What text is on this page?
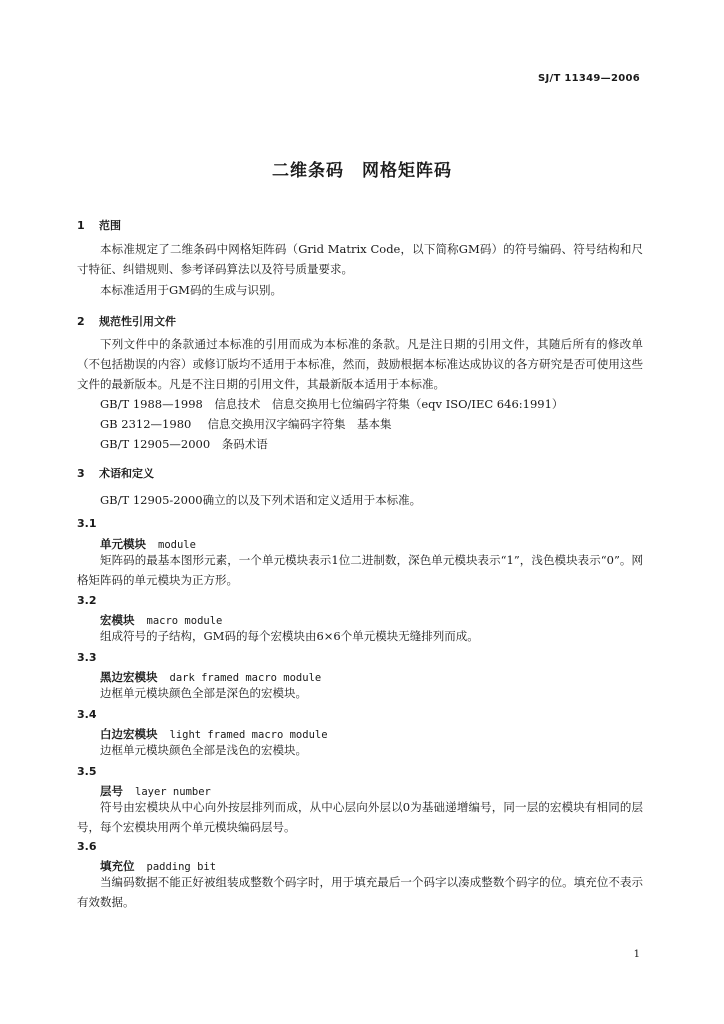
SJ/T 11349—2006
二维条码 网格矩阵码
1 范围
本标准规定了二维条码中网格矩阵码（Grid Matrix Code，以下简称GM码）的符号编码、符号结构和尺寸特征、纠错规则、参考译码算法以及符号质量要求。
本标准适用于GM码的生成与识别。
2 规范性引用文件
下列文件中的条款通过本标准的引用而成为本标准的条款。凡是注日期的引用文件，其随后所有的修改单（不包括勘误的内容）或修订版均不适用于本标准，然而，鼓励根据本标准达成协议的各方研究是否可使用这些文件的最新版本。凡是不注日期的引用文件，其最新版本适用于本标准。
GB/T 1988—1998　 信息技术　信息交换用七位编码字符集（eqv ISO/IEC 646:1991）
GB 2312—1980　 信息交换用汉字编码字符集　基本集
GB/T 12905—2000　 条码术语
3 术语和定义
GB/T 12905-2000确立的以及下列术语和定义适用于本标准。
3.1
单元模块 module
矩阵码的最基本图形元素，一个单元模块表示1位二进制数，深色单元模块表示“1”，浅色模块表示“0”。网格矩阵码的单元模块为正方形。
3.2
宏模块 macro module
组成符号的子结构，GM码的每个宏模块由6×6个单元模块无缝排列而成。
3.3
黑边宏模块 dark framed macro module
边框单元模块颜色全部是深色的宏模块。
3.4
白边宏模块 light framed macro module
边框单元模块颜色全部是浅色的宏模块。
3.5
层号 layer number
符号由宏模块从中心向外按层排列而成，从中心层向外层以0为基础递增编号，同一层的宏模块有相同的层号，每个宏模块用两个单元模块编码层号。
3.6
填充位 padding bit
当编码数据不能正好被组装成整数个码字时，用于填充最后一个码字以凑成整数个码字的位。填充位不表示有效数据。
1
